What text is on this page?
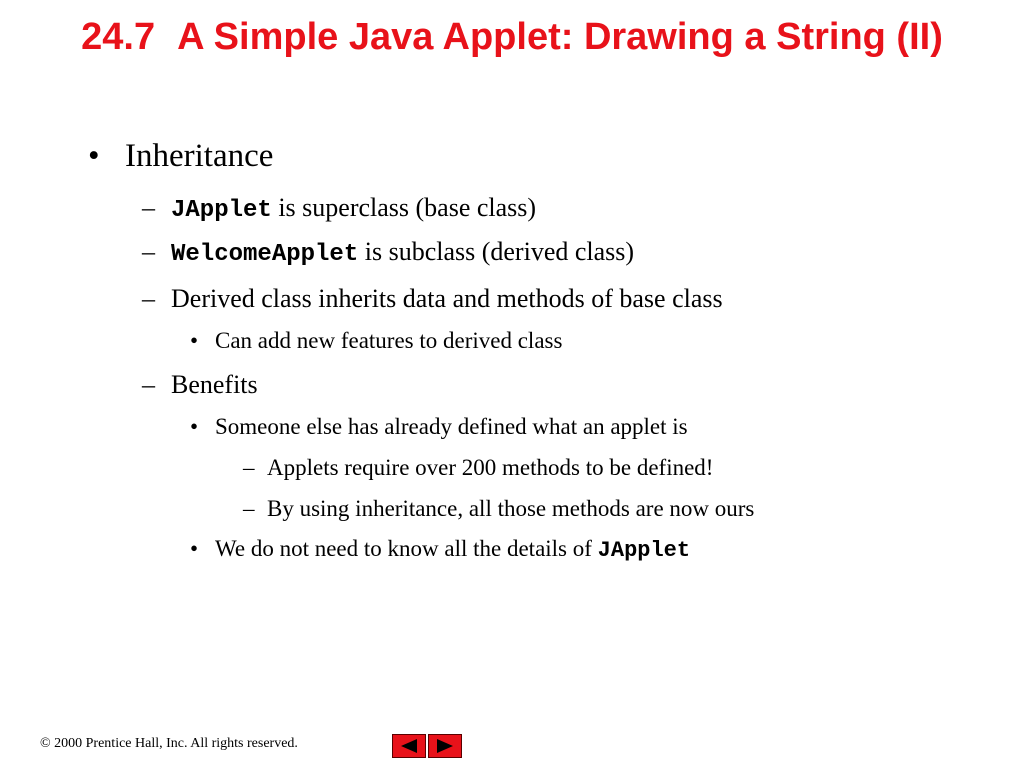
24.7 A Simple Java Applet: Drawing a String (II)
• Inheritance
– JApplet is superclass (base class)
– WelcomeApplet is subclass (derived class)
– Derived class inherits data and methods of base class
• Can add new features to derived class
– Benefits
• Someone else has already defined what an applet is
– Applets require over 200 methods to be defined!
– By using inheritance, all those methods are now ours
• We do not need to know all the details of JApplet
© 2000 Prentice Hall, Inc. All rights reserved.
